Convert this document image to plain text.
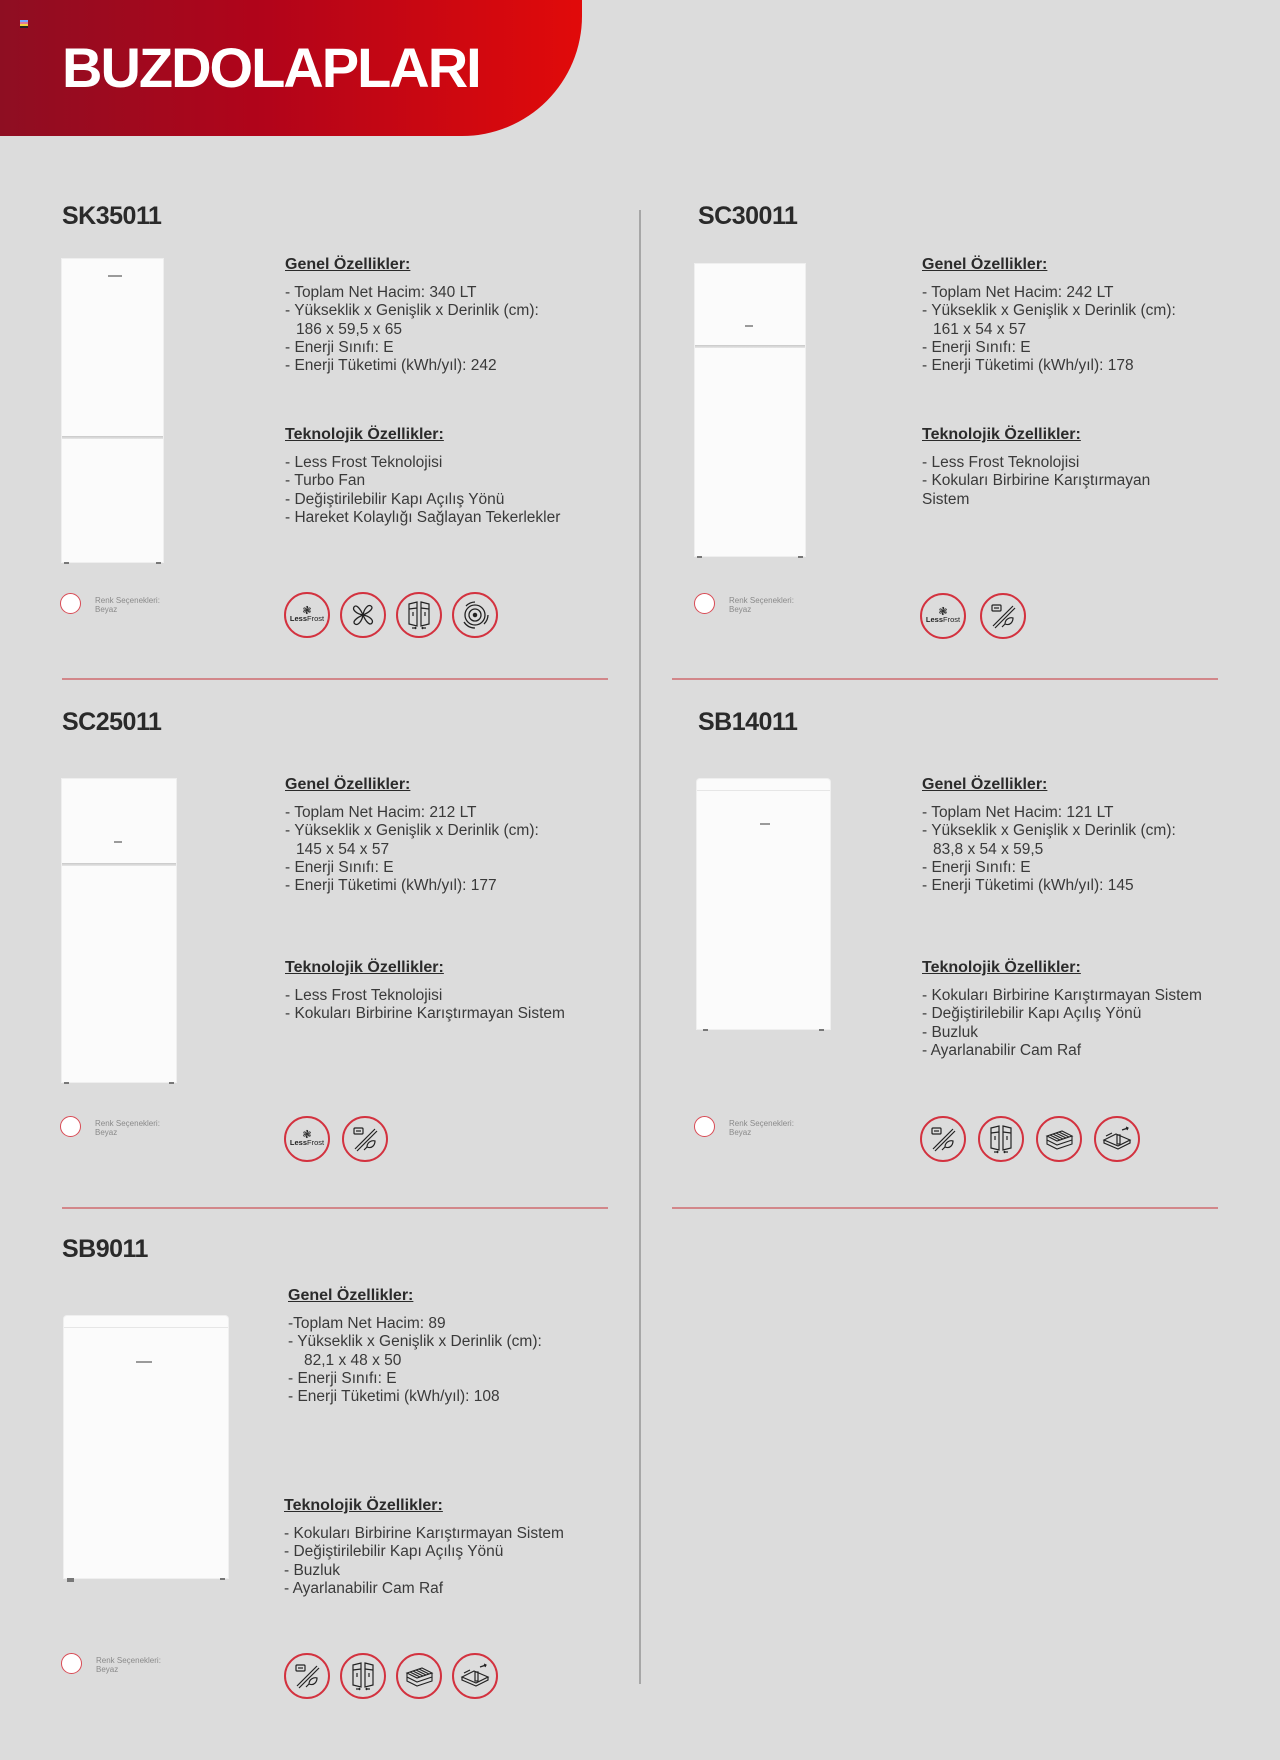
BUZDOLAPLARI
SK35011
Genel Özellikler:
- Toplam Net Hacim: 340 LT
- Yükseklik x Genişlik x Derinlik (cm):
186 x 59,5 x 65
- Enerji Sınıfı: E
- Enerji Tüketimi (kWh/yıl): 242
Teknolojik Özellikler:
- Less Frost Teknolojisi
- Turbo Fan
- Değiştirilebilir Kapı Açılış Yönü
- Hareket Kolaylığı Sağlayan Tekerlekler
Renk Seçenekleri:
Beyaz	❃
LessFrost
SC30011
Genel Özellikler:
- Toplam Net Hacim: 242 LT
- Yükseklik x Genişlik x Derinlik (cm):
161 x 54 x 57
- Enerji Sınıfı: E
- Enerji Tüketimi (kWh/yıl): 178
Teknolojik Özellikler:
- Less Frost Teknolojisi
- Kokuları Birbirine Karıştırmayan
Sistem
Renk Seçenekleri:
Beyaz	❃
LessFrost
SC25011
Genel Özellikler:
- Toplam Net Hacim: 212 LT
- Yükseklik x Genişlik x Derinlik (cm):
145 x 54 x 57
- Enerji Sınıfı: E
- Enerji Tüketimi (kWh/yıl): 177
Teknolojik Özellikler:
- Less Frost Teknolojisi
- Kokuları Birbirine Karıştırmayan Sistem
Renk Seçenekleri:
Beyaz	❃
LessFrost
SB14011
Genel Özellikler:
- Toplam Net Hacim: 121 LT
- Yükseklik x Genişlik x Derinlik (cm):
83,8 x 54 x 59,5
- Enerji Sınıfı: E
- Enerji Tüketimi (kWh/yıl): 145
Teknolojik Özellikler:
- Kokuları Birbirine Karıştırmayan Sistem
- Değiştirilebilir Kapı Açılış Yönü
- Buzluk
- Ayarlanabilir Cam Raf
Renk Seçenekleri:
Beyaz
SB9011
Genel Özellikler:
-Toplam Net Hacim: 89
- Yükseklik x Genişlik x Derinlik (cm):
82,1 x 48 x 50
- Enerji Sınıfı: E
- Enerji Tüketimi (kWh/yıl): 108
Teknolojik Özellikler:
- Kokuları Birbirine Karıştırmayan Sistem
- Değiştirilebilir Kapı Açılış Yönü
- Buzluk
- Ayarlanabilir Cam Raf
Renk Seçenekleri:
Beyaz
